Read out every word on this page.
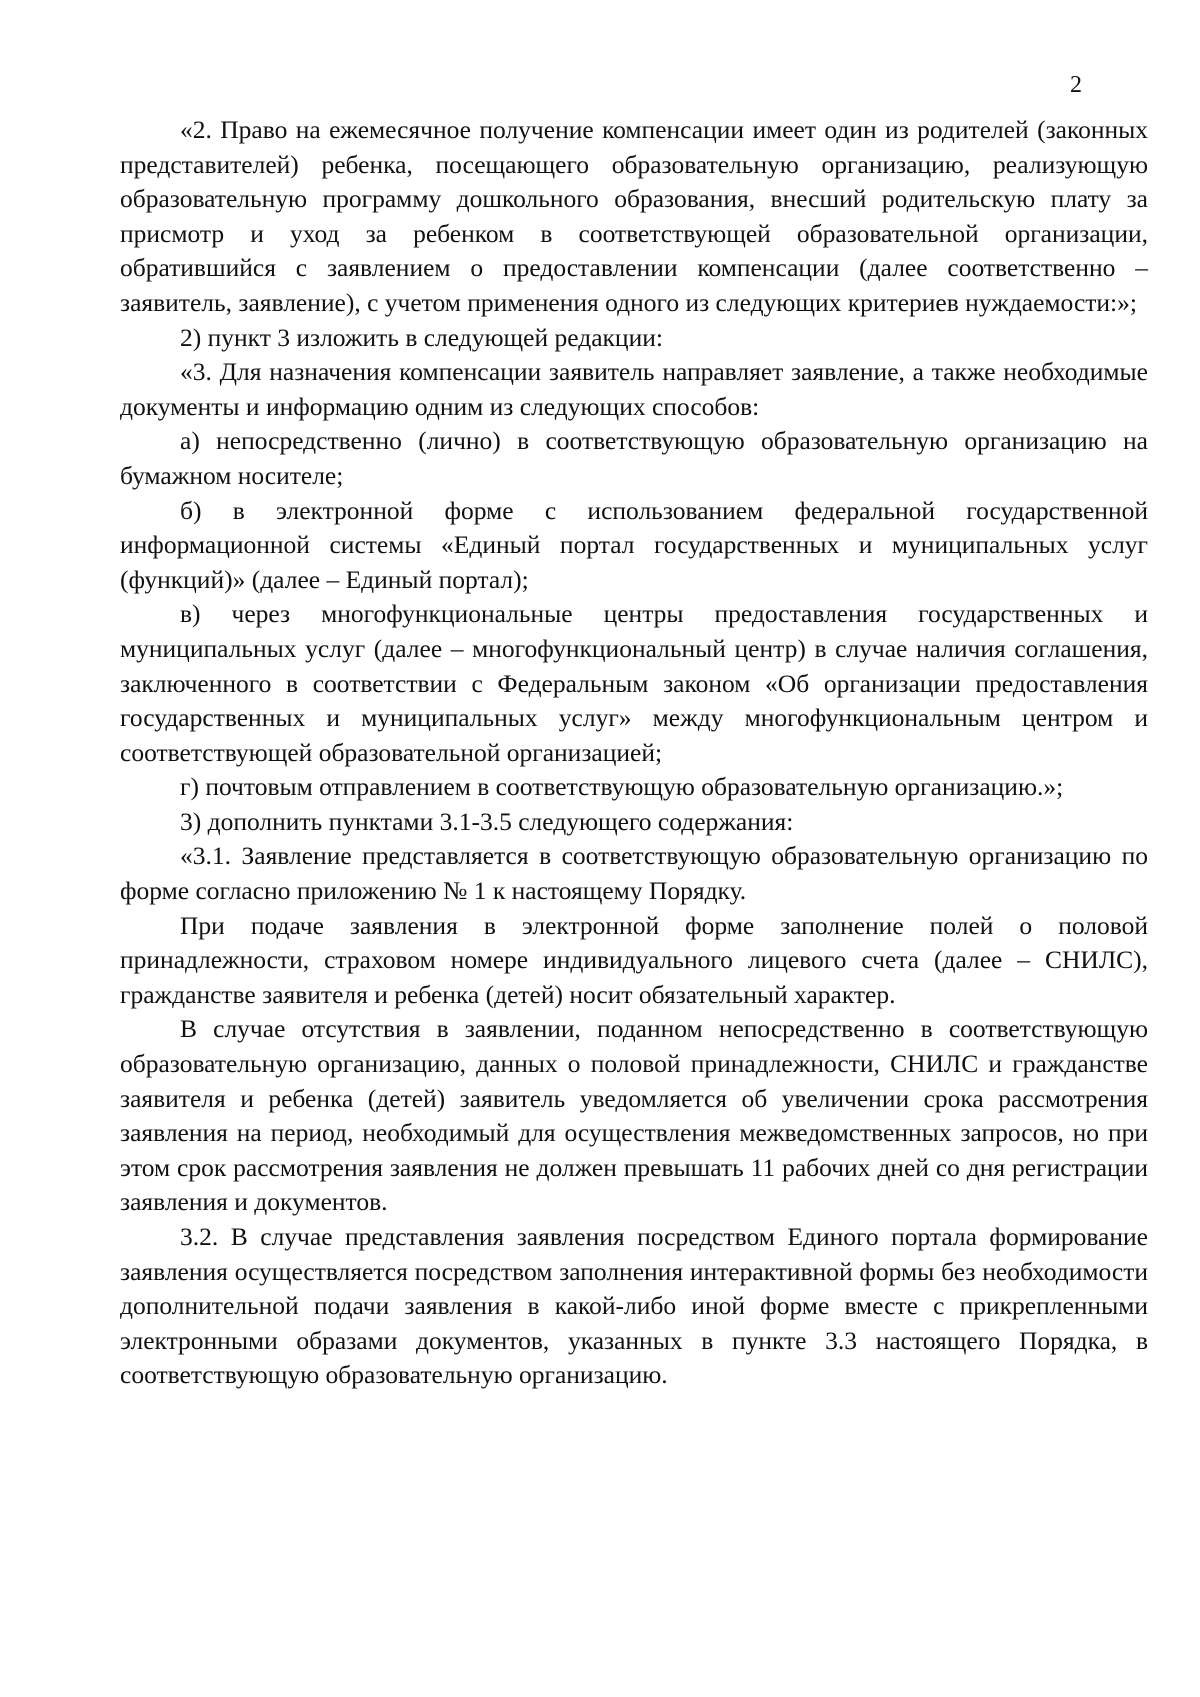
2

«2. Право на ежемесячное получение компенсации имеет один из родителей (законных представителей) ребенка, посещающего образовательную организацию, реализующую образовательную программу дошкольного образования, внесший родительскую плату за присмотр и уход за ребенком в соответствующей образовательной организации, обратившийся с заявлением о предоставлении компенсации (далее соответственно – заявитель, заявление), с учетом применения одного из следующих критериев нуждаемости:»;

2) пункт 3 изложить в следующей редакции:

«3. Для назначения компенсации заявитель направляет заявление, а также необходимые документы и информацию одним из следующих способов:

а) непосредственно (лично) в соответствующую образовательную организацию на бумажном носителе;

б) в электронной форме с использованием федеральной государственной информационной системы «Единый портал государственных и муниципальных услуг (функций)» (далее – Единый портал);

в) через многофункциональные центры предоставления государственных и муниципальных услуг (далее – многофункциональный центр) в случае наличия соглашения, заключенного в соответствии с Федеральным законом «Об организации предоставления государственных и муниципальных услуг» между многофункциональным центром и соответствующей образовательной организацией;

г) почтовым отправлением в соответствующую образовательную организацию.»;

3) дополнить пунктами 3.1-3.5 следующего содержания:

«3.1. Заявление представляется в соответствующую образовательную организацию по форме согласно приложению № 1 к настоящему Порядку.

При подаче заявления в электронной форме заполнение полей о половой принадлежности, страховом номере индивидуального лицевого счета (далее – СНИЛС), гражданстве заявителя и ребенка (детей) носит обязательный характер.

В случае отсутствия в заявлении, поданном непосредственно в соответствующую образовательную организацию, данных о половой принадлежности, СНИЛС и гражданстве заявителя и ребенка (детей) заявитель уведомляется об увеличении срока рассмотрения заявления на период, необходимый для осуществления межведомственных запросов, но при этом срок рассмотрения заявления не должен превышать 11 рабочих дней со дня регистрации заявления и документов.

3.2. В случае представления заявления посредством Единого портала формирование заявления осуществляется посредством заполнения интерактивной формы без необходимости дополнительной подачи заявления в какой-либо иной форме вместе с прикрепленными электронными образами документов, указанных в пункте 3.3 настоящего Порядка, в соответствующую образовательную организацию.
